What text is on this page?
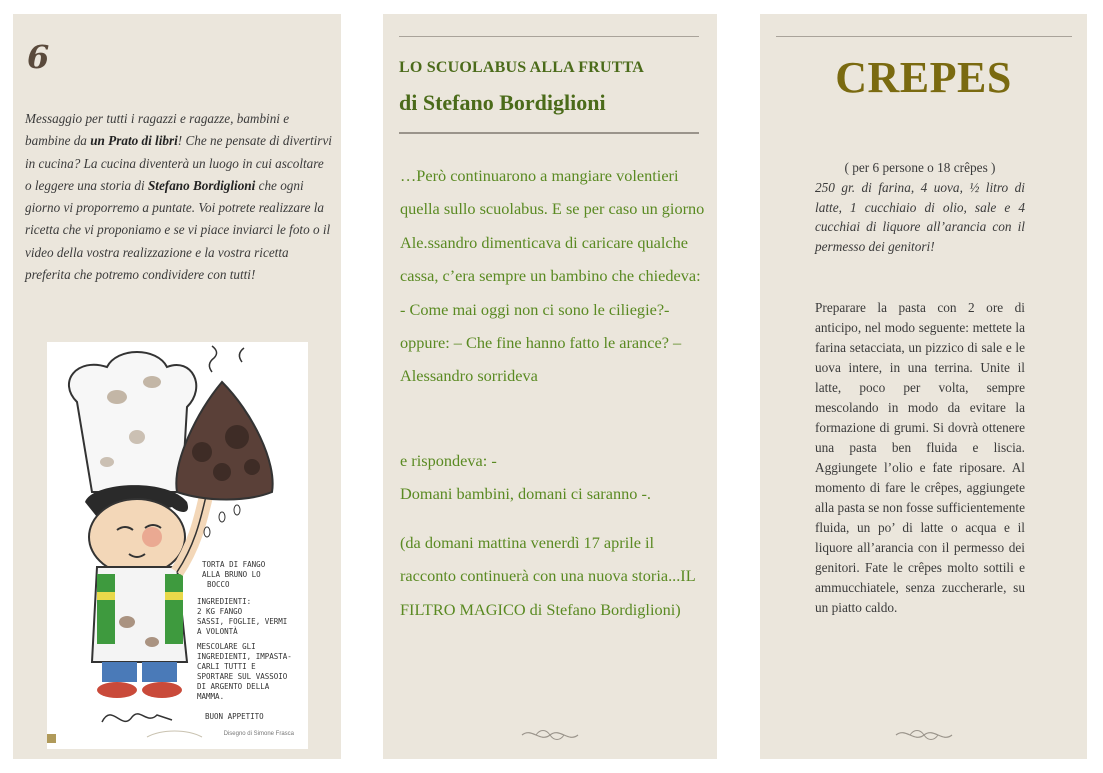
6
Messaggio per tutti i ragazzi e ragazze, bambini e bambine da un Prato di libri! Che ne pensate di divertirvi in cucina? La cucina diventerà un luogo in cui ascoltare o leggere una storia di Stefano Bordiglioni che ogni giorno vi proporremo a puntate. Voi potrete realizzare la ricetta che vi proponiamo e se vi piace inviarci le foto o il video della vostra realizzazione e la vostra ricetta preferita che potremo condividere con tutti!
TORTA DI FANGO
ALLA BRUNO LO
BOCCO
INGREDIENTI:
2 KG FANGO
SASSI, FOGLIE, VERMI
A VOLONTÀ
MESCOLARE GLI
INGREDIENTI, IMPASTA-
CARLI TUTTI E
SPORTARE SUL VASSOIO
DI ARGENTO DELLA
MAMMA.
BUON APPETITO
Disegno di Simone Frasca
LO SCUOLABUS ALLA FRUTTA
di Stefano Bordiglioni

…Però continuarono a mangiare volentieri quella sullo scuolabus. E se per caso un giorno Ale.ssandro dimenticava di caricare qualche cassa, c’era sempre un bambino che chiedeva: - Come mai oggi non ci sono le ciliegie?- oppure: – Che fine hanno fatto le arance? – Alessandro sorrideva

e rispondeva: -

Domani bambini, domani ci saranno -.

(da domani mattina venerdì 17 aprile il racconto continuerà con una nuova storia...IL FILTRO MAGICO di Stefano Bordiglioni)

CREPES
( per 6 persone o 18 crêpes )
250 gr. di farina, 4 uova, ½ litro di latte, 1 cucchiaio di olio, sale e 4 cucchiai di liquore all’arancia con il permesso dei genitori!
Preparare la pasta con 2 ore di anticipo, nel modo seguente: mettete la farina setacciata, un pizzico di sale e le uova intere, in una terrina. Unite il latte, poco per volta, sempre mescolando in modo da evitare la formazione di grumi. Si dovrà ottenere una pasta ben fluida e liscia. Aggiungete l’olio e fate riposare. Al momento di fare le crêpes, aggiungete alla pasta se non fosse sufficientemente fluida, un po’ di latte o acqua e il liquore all’arancia con il permesso dei genitori. Fate le crêpes molto sottili e ammucchiatele, senza zuccherarle, su un piatto caldo.
